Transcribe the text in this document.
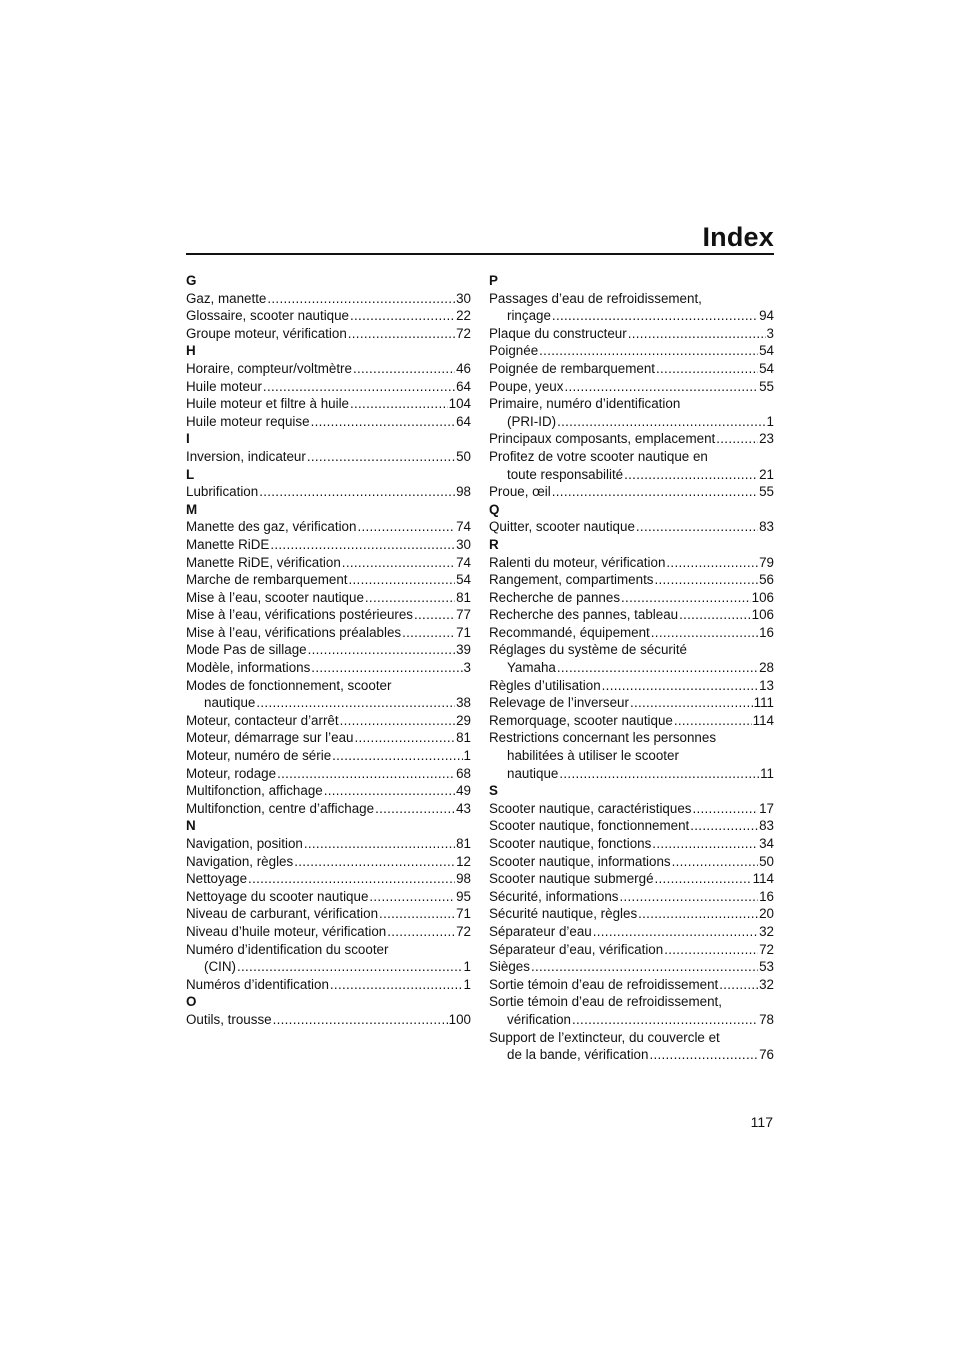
Index
G
Gaz, manette .....	30
Glossaire, scooter nautique .....	22
Groupe moteur, vérification .....	72
H
Horaire, compteur/voltmètre .....	46
Huile moteur .....	64
Huile moteur et filtre à huile .....	104
Huile moteur requise .....	64
I
Inversion, indicateur .....	50
L
Lubrification .....	98
M
Manette des gaz, vérification .....	74
Manette RiDE .....	30
Manette RiDE, vérification .....	74
Marche de rembarquement .....	54
Mise à l’eau, scooter nautique .....	81
Mise à l’eau, vérifications postérieures .....	77
Mise à l’eau, vérifications préalables .....	71
Mode Pas de sillage .....	39
Modèle, informations .....	3
Modes de fonctionnement, scooter
nautique .....	38
Moteur, contacteur d’arrêt .....	29
Moteur, démarrage sur l’eau .....	81
Moteur, numéro de série .....	1
Moteur, rodage .....	68
Multifonction, affichage .....	49
Multifonction, centre d’affichage .....	43
N
Navigation, position .....	81
Navigation, règles .....	12
Nettoyage .....	98
Nettoyage du scooter nautique .....	95
Niveau de carburant, vérification .....	71
Niveau d’huile moteur, vérification .....	72
Numéro d’identification du scooter
(CIN) .....	1
Numéros d’identification .....	1
O
Outils, trousse .....	100
P
Passages d’eau de refroidissement,
rinçage .....	94
Plaque du constructeur .....	3
Poignée .....	54
Poignée de rembarquement .....	54
Poupe, yeux .....	55
Primaire, numéro d’identification
(PRI-ID) .....	1
Principaux composants, emplacement .....	23
Profitez de votre scooter nautique en
toute responsabilité .....	21
Proue, œil .....	55
Q
Quitter, scooter nautique .....	83
R
Ralenti du moteur, vérification .....	79
Rangement, compartiments .....	56
Recherche de pannes .....	106
Recherche des pannes, tableau .....	106
Recommandé, équipement .....	16
Réglages du système de sécurité
Yamaha .....	28
Règles d’utilisation .....	13
Relevage de l’inverseur .....	111
Remorquage, scooter nautique .....	114
Restrictions concernant les personnes
habilitées à utiliser le scooter
nautique .....	11
S
Scooter nautique, caractéristiques .....	17
Scooter nautique, fonctionnement .....	83
Scooter nautique, fonctions .....	34
Scooter nautique, informations .....	50
Scooter nautique submergé .....	114
Sécurité, informations .....	16
Sécurité nautique, règles .....	20
Séparateur d’eau .....	32
Séparateur d’eau, vérification .....	72
Sièges .....	53
Sortie témoin d’eau de refroidissement .....	32
Sortie témoin d’eau de refroidissement,
vérification .....	78
Support de l’extincteur, du couvercle et
de la bande, vérification .....	76
117
